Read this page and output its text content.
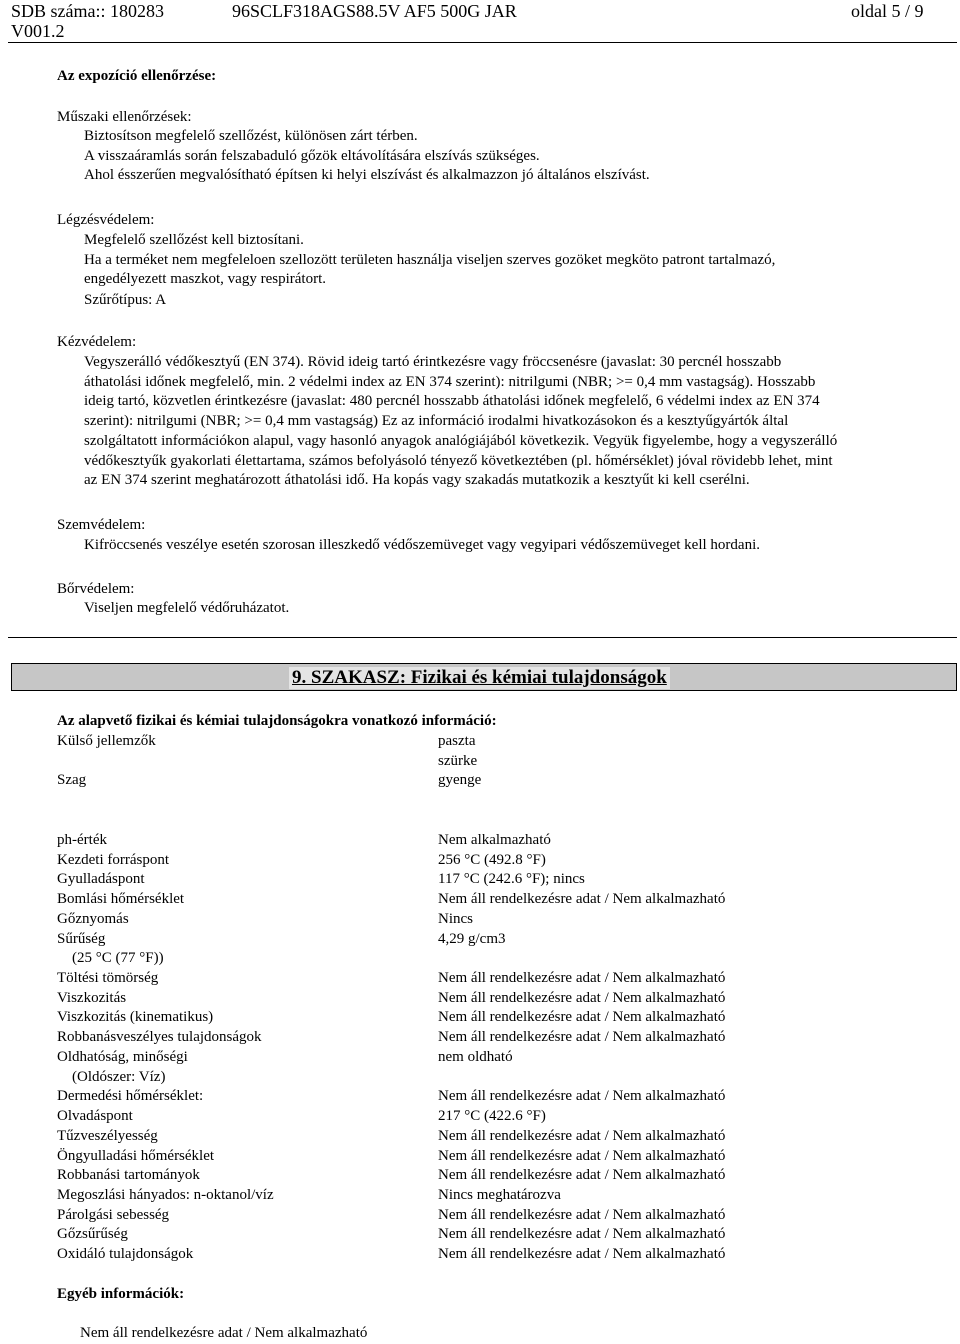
SDB száma:: 180283	96SCLF318AGS88.5V AF5 500G JAR	oldal 5 / 9
V001.2
Az expozíció ellenőrzése:
Műszaki ellenőrzések:
Biztosítson megfelelő szellőzést, különösen zárt térben.
A visszaáramlás során felszabaduló gőzök eltávolítására elszívás szükséges.
Ahol ésszerűen megvalósítható építsen ki helyi elszívást és alkalmazzon jó általános elszívást.
Légzésvédelem:
Megfelelő szellőzést kell biztosítani.
Ha a terméket nem megfeleloen szellozött területen használja viseljen szerves gozöket megköto patront tartalmazó,
engedélyezett maszkot, vagy respirátort.
Szűrőtípus: A
Kézvédelem:
Vegyszerálló védőkesztyű (EN 374). Rövid ideig tartó érintkezésre vagy fröccsenésre (javaslat: 30 percnél hosszabb
áthatolási időnek megfelelő, min. 2 védelmi index az EN 374 szerint): nitrilgumi (NBR; >= 0,4 mm vastagság). Hosszabb
ideig tartó, közvetlen érintkezésre (javaslat: 480 percnél hosszabb áthatolási időnek megfelelő, 6 védelmi index az EN 374
szerint): nitrilgumi (NBR; >= 0,4 mm vastagság) Ez az információ irodalmi hivatkozásokon és a kesztyűgyártók által
szolgáltatott információkon alapul, vagy hasonló anyagok analógiájából következik. Vegyük figyelembe, hogy a vegyszerálló
védőkesztyűk gyakorlati élettartama, számos befolyásoló tényező következtében (pl. hőmérséklet) jóval rövidebb lehet, mint
az EN 374 szerint meghatározott áthatolási idő. Ha kopás vagy szakadás mutatkozik a kesztyűt ki kell cserélni.
Szemvédelem:
Kifröccsenés veszélye esetén szorosan illeszkedő védőszemüveget vagy vegyipari védőszemüveget kell hordani.
Bőrvédelem:
Viseljen megfelelő védőruházatot.
9. SZAKASZ: Fizikai és kémiai tulajdonságok
Az alapvető fizikai és kémiai tulajdonságokra vonatkozó információ:
Külső jellemzők	paszta
szürke
Szag	gyenge
ph-érték	Nem alkalmazható
Kezdeti forráspont	256 °C (492.8 °F)
Gyulladáspont	117 °C (242.6 °F); nincs
Bomlási hőmérséklet	Nem áll rendelkezésre adat / Nem alkalmazható
Gőznyomás	Nincs
Sűrűség	4,29 g/cm3
(25 °C (77 °F))
Töltési tömörség	Nem áll rendelkezésre adat / Nem alkalmazható
Viszkozitás	Nem áll rendelkezésre adat / Nem alkalmazható
Viszkozitás (kinematikus)	Nem áll rendelkezésre adat / Nem alkalmazható
Robbanásveszélyes tulajdonságok	Nem áll rendelkezésre adat / Nem alkalmazható
Oldhatóság, minőségi	nem oldható
(Oldószer: Víz)
Dermedési hőmérséklet:	Nem áll rendelkezésre adat / Nem alkalmazható
Olvadáspont	217 °C (422.6 °F)
Tűzveszélyesség	Nem áll rendelkezésre adat / Nem alkalmazható
Öngyulladási hőmérséklet	Nem áll rendelkezésre adat / Nem alkalmazható
Robbanási tartományok	Nem áll rendelkezésre adat / Nem alkalmazható
Megoszlási hányados: n-oktanol/víz	Nincs meghatározva
Párolgási sebesség	Nem áll rendelkezésre adat / Nem alkalmazható
Gőzsűrűség	Nem áll rendelkezésre adat / Nem alkalmazható
Oxidáló tulajdonságok	Nem áll rendelkezésre adat / Nem alkalmazható
Egyéb információk:
Nem áll rendelkezésre adat / Nem alkalmazható
